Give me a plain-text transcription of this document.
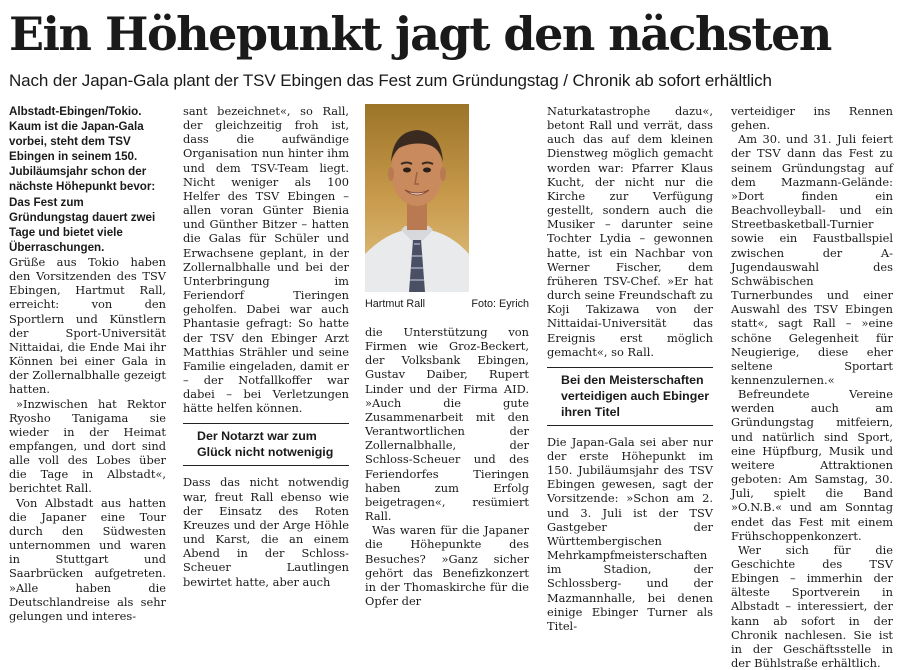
Ein Höhepunkt jagt den nächsten
Nach der Japan-Gala plant der TSV Ebingen das Fest zum Gründungstag / Chronik ab sofort erhältlich

Albstadt-Ebingen/Tokio. Kaum ist die Japan-Gala vorbei, steht dem TSV Ebingen in seinem 150. Jubiläumsjahr schon der nächste Höhepunkt bevor: Das Fest zum Gründungstag dauert zwei Tage und bietet viele Überraschungen.

Grüße aus Tokio haben den Vorsitzenden des TSV Ebingen, Hartmut Rall, erreicht: von den Sportlern und Künstlern der Sport-Universität Nittaidai, die Ende Mai ihr Können bei einer Gala in der Zollernalbhalle gezeigt hatten.

»Inzwischen hat Rektor Ryosho Tanigama sie wieder in der Heimat empfangen, und dort sind alle voll des Lobes über die Tage in Albstadt«, berichtet Rall.

Von Albstadt aus hatten die Japaner eine Tour durch den Südwesten unternommen und waren in Stuttgart und Saarbrücken aufgetreten. »Alle haben die Deutschlandreise als sehr gelungen und interes-

sant bezeichnet«, so Rall, der gleichzeitig froh ist, dass die aufwändige Organisation nun hinter ihm und dem TSV-Team liegt. Nicht weniger als 100 Helfer des TSV Ebingen – allen voran Günter Bienia und Günther Bitzer – hatten die Galas für Schüler und Erwachsene geplant, in der Zollernalbhalle und bei der Unterbringung im Feriendorf Tieringen geholfen. Dabei war auch Phantasie gefragt: So hatte der TSV den Ebinger Arzt Matthias Strähler und seine Familie eingeladen, damit er – der Notfallkoffer war dabei – bei Verletzungen hätte helfen können.

Der Notarzt war zum Glück nicht notwenigig

Dass das nicht notwendig war, freut Rall ebenso wie der Einsatz des Roten Kreuzes und der Arge Höhle und Karst, die an einem Abend in der Schloss-Scheuer Lautlingen bewirtet hatte, aber auch

Hartmut Rall	Foto: Eyrich

die Unterstützung von Firmen wie Groz-Beckert, der Volksbank Ebingen, Gustav Daiber, Rupert Linder und der Firma AID. »Auch die gute Zusammenarbeit mit den Verantwortlichen der Zollernalbhalle, der Schloss-Scheuer und des Feriendorfes Tieringen haben zum Erfolg beigetragen«, resümiert Rall.

Was waren für die Japaner die Höhepunkte des Besuches? »Ganz sicher gehört das Benefizkonzert in der Thomaskirche für die Opfer der

Naturkatastrophe dazu«, betont Rall und verrät, dass auch das auf dem kleinen Dienstweg möglich gemacht worden war: Pfarrer Klaus Kucht, der nicht nur die Kirche zur Verfügung gestellt, sondern auch die Musiker – darunter seine Tochter Lydia – gewonnen hatte, ist ein Nachbar von Werner Fischer, dem früheren TSV-Chef. »Er hat durch seine Freundschaft zu Koji Takizawa von der Nittaidai-Universität das Ereignis erst möglich gemacht«, so Rall.

Bei den Meisterschaften verteidigen auch Ebinger ihren Titel

Die Japan-Gala sei aber nur der erste Höhepunkt im 150. Jubiläumsjahr des TSV Ebingen gewesen, sagt der Vorsitzende: »Schon am 2. und 3. Juli ist der TSV Gastgeber der Württembergischen Mehrkampfmeisterschaften im Stadion, der Schlossberg- und der Mazmannhalle, bei denen einige Ebinger Turner als Titel-

verteidiger ins Rennen gehen.

Am 30. und 31. Juli feiert der TSV dann das Fest zu seinem Gründungstag auf dem Mazmann-Gelände: »Dort finden ein Beachvolleyball- und ein Streetbasketball-Turnier sowie ein Faustballspiel zwischen der A-Jugendauswahl des Schwäbischen Turnerbundes und einer Auswahl des TSV Ebingen statt«, sagt Rall – »eine schöne Gelegenheit für Neugierige, diese eher seltene Sportart kennenzulernen.«

Befreundete Vereine werden auch am Gründungstag mitfeiern, und natürlich sind Sport, eine Hüpfburg, Musik und weitere Attraktionen geboten: Am Samstag, 30. Juli, spielt die Band »O.N.B.« und am Sonntag endet das Fest mit einem Frühschoppenkonzert.

Wer sich für die Geschichte des TSV Ebingen – immerhin der älteste Sportverein in Albstadt – interessiert, der kann ab sofort in der Chronik nachlesen. Sie ist in der Geschäftsstelle in der Bühlstraße erhältlich.
